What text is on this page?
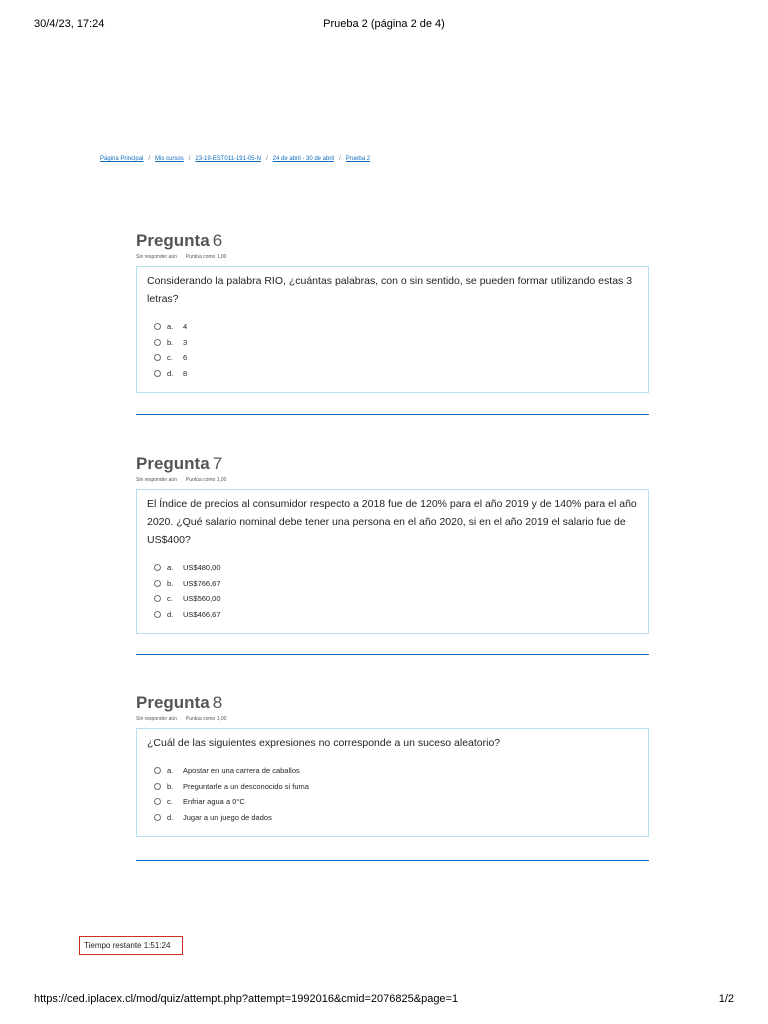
30/4/23, 17:24	Prueba 2 (página 2 de 4)
Página Principal / Mis cursos / 23-19-EST011-191-05-N / 24 de abril - 30 de abril / Prueba 2
Pregunta 6
Sin responder aún Puntúa como 1,00
Considerando la palabra RIO, ¿cuántas palabras, con o sin sentido, se pueden formar utilizando estas 3 letras?
a.	4
b.	3
c.	6
d.	8
Pregunta 7
Sin responder aún Puntúa como 1,00
El Índice de precios al consumidor respecto a 2018 fue de 120% para el año 2019 y de 140% para el año 2020. ¿Qué salario nominal debe tener una persona en el año 2020, si en el año 2019 el salario fue de US$400?
a.	US$480,00
b.	US$766,67
c.	US$560,00
d.	US$466,67
Pregunta 8
Sin responder aún Puntúa como 1,00
¿Cuál de las siguientes expresiones no corresponde a un suceso aleatorio?
a.	Apostar en una carrera de caballos
b.	Preguntarle a un desconocido si fuma
c.	Enfriar agua a 0°C
d.	Jugar a un juego de dados
Tiempo restante 1:51:24
https://ced.iplacex.cl/mod/quiz/attempt.php?attempt=1992016&cmid=2076825&page=1	1/2
